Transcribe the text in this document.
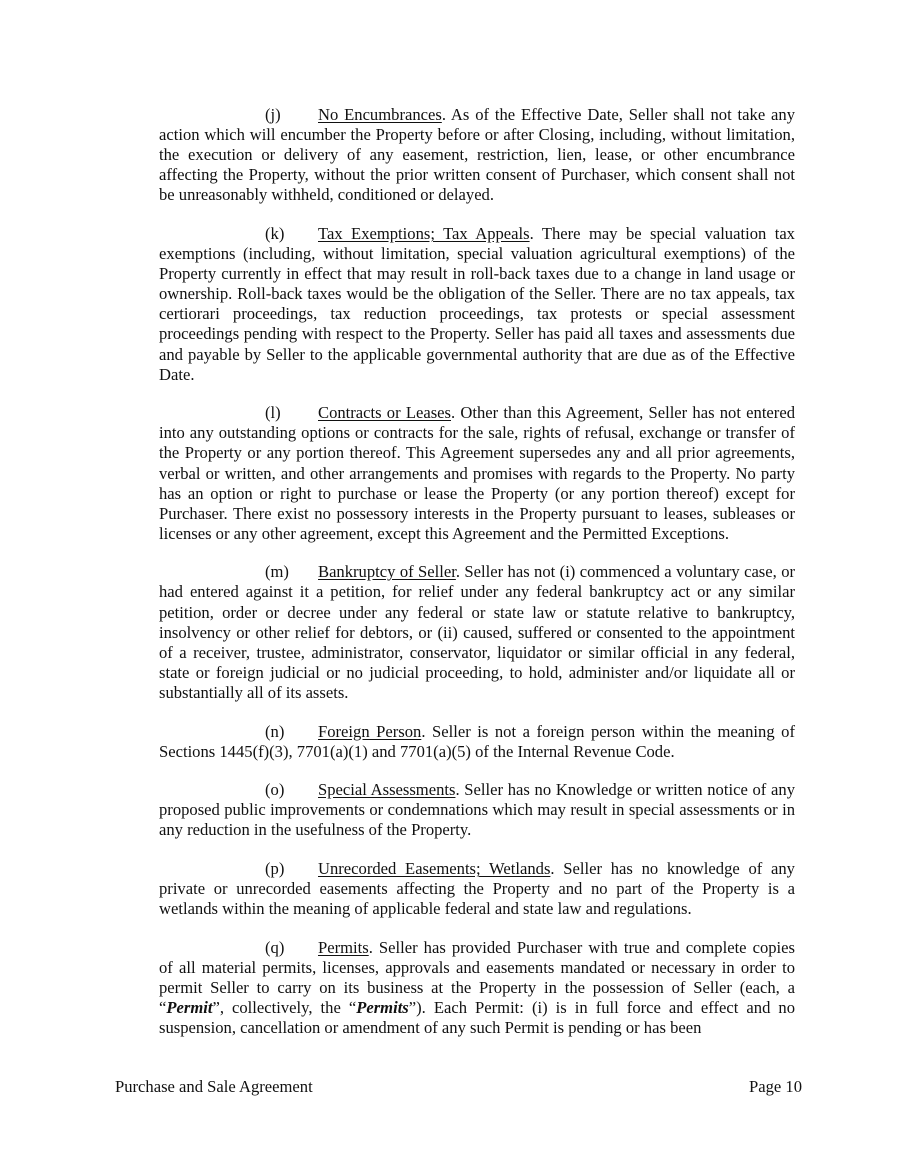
(j) No Encumbrances. As of the Effective Date, Seller shall not take any action which will encumber the Property before or after Closing, including, without limitation, the execution or delivery of any easement, restriction, lien, lease, or other encumbrance affecting the Property, without the prior written consent of Purchaser, which consent shall not be unreasonably withheld, conditioned or delayed.

(k) Tax Exemptions; Tax Appeals. There may be special valuation tax exemptions (including, without limitation, special valuation agricultural exemptions) of the Property currently in effect that may result in roll-back taxes due to a change in land usage or ownership. Roll-back taxes would be the obligation of the Seller. There are no tax appeals, tax certiorari proceedings, tax reduction proceedings, tax protests or special assessment proceedings pending with respect to the Property. Seller has paid all taxes and assessments due and payable by Seller to the applicable governmental authority that are due as of the Effective Date.

(l) Contracts or Leases. Other than this Agreement, Seller has not entered into any outstanding options or contracts for the sale, rights of refusal, exchange or transfer of the Property or any portion thereof. This Agreement supersedes any and all prior agreements, verbal or written, and other arrangements and promises with regards to the Property. No party has an option or right to purchase or lease the Property (or any portion thereof) except for Purchaser. There exist no possessory interests in the Property pursuant to leases, subleases or licenses or any other agreement, except this Agreement and the Permitted Exceptions.

(m) Bankruptcy of Seller. Seller has not (i) commenced a voluntary case, or had entered against it a petition, for relief under any federal bankruptcy act or any similar petition, order or decree under any federal or state law or statute relative to bankruptcy, insolvency or other relief for debtors, or (ii) caused, suffered or consented to the appointment of a receiver, trustee, administrator, conservator, liquidator or similar official in any federal, state or foreign judicial or no judicial proceeding, to hold, administer and/or liquidate all or substantially all of its assets.

(n) Foreign Person. Seller is not a foreign person within the meaning of Sections 1445(f)(3), 7701(a)(1) and 7701(a)(5) of the Internal Revenue Code.

(o) Special Assessments. Seller has no Knowledge or written notice of any proposed public improvements or condemnations which may result in special assessments or in any reduction in the usefulness of the Property.

(p) Unrecorded Easements; Wetlands. Seller has no knowledge of any private or unrecorded easements affecting the Property and no part of the Property is a wetlands within the meaning of applicable federal and state law and regulations.

(q) Permits. Seller has provided Purchaser with true and complete copies of all material permits, licenses, approvals and easements mandated or necessary in order to permit Seller to carry on its business at the Property in the possession of Seller (each, a “Permit”, collectively, the “Permits”). Each Permit: (i) is in full force and effect and no suspension, cancellation or amendment of any such Permit is pending or has been

Purchase and Sale Agreement	Page 10
